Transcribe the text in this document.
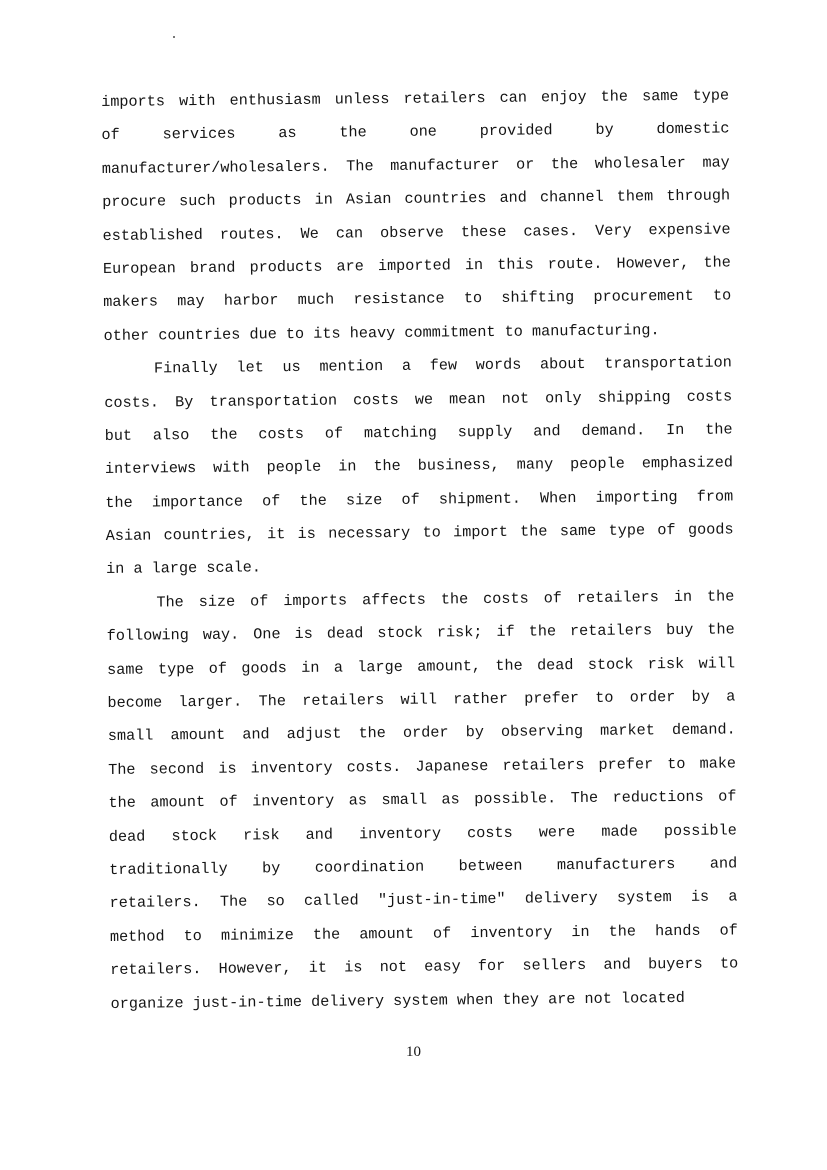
imports with enthusiasm unless retailers can enjoy the same type
of	services	as	the	one	provided	by	domestic
manufacturer/wholesalers. The manufacturer or the wholesaler may
procure such products in Asian countries and channel them through
established routes. We can observe these cases. Very expensive
European brand products are imported in this route. However, the
makers may harbor much resistance to shifting procurement to
other countries due to its heavy commitment to manufacturing.
Finally let us mention a few words about transportation
costs. By transportation costs we mean not only shipping costs
but also the costs of matching supply and demand. In the
interviews with people in the business, many people emphasized
the importance of the size of shipment. When importing from
Asian countries, it is necessary to import the same type of goods
in a large scale.
The size of imports affects the costs of retailers in the
following way. One is dead stock risk; if the retailers buy the
same type of goods in a large amount, the dead stock risk will
become larger. The retailers will rather prefer to order by a
small amount and adjust the order by observing market demand.
The second is inventory costs. Japanese retailers prefer to make
the amount of inventory as small as possible. The reductions of
dead stock risk and inventory costs were made possible
traditionally by coordination between manufacturers and
retailers. The so called "just-in-time" delivery system is a
method to minimize the amount of inventory in the hands of
retailers. However, it is not easy for sellers and buyers to
organize just-in-time delivery system when they are not located
10
